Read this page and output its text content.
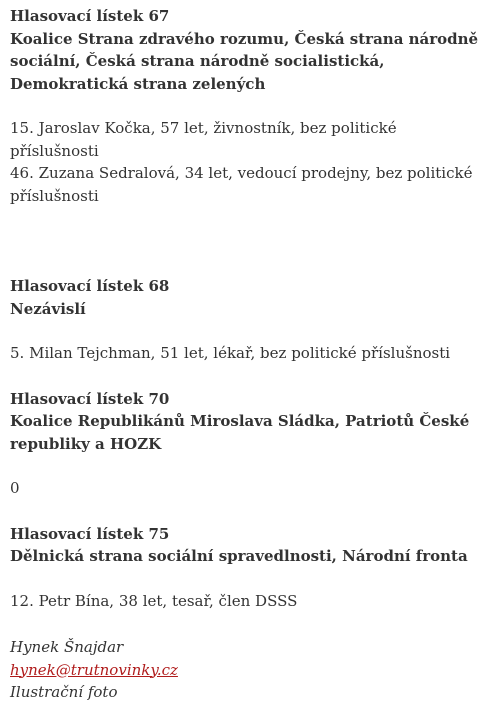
Hlasovací lístek 67
Koalice Strana zdravého rozumu, Česká strana národně sociální, Česká strana národně socialistická, Demokratická strana zelených
15. Jaroslav Kočka, 57 let, živnostník, bez politické příslušnosti
46. Zuzana Sedralová, 34 let, vedoucí prodejny, bez politické příslušnosti
Hlasovací lístek 68
Nezávislí
5. Milan Tejchman, 51 let, lékař, bez politické příslušnosti
Hlasovací lístek 70
Koalice Republikánů Miroslava Sládka, Patriotů České republiky a HOZK
0
Hlasovací lístek 75
Dělnická strana sociální spravedlnosti, Národní fronta
12. Petr Bína, 38 let, tesař, člen DSSS
Hynek Šnajdar
hynek@trutnovinky.cz
Ilustrační foto
